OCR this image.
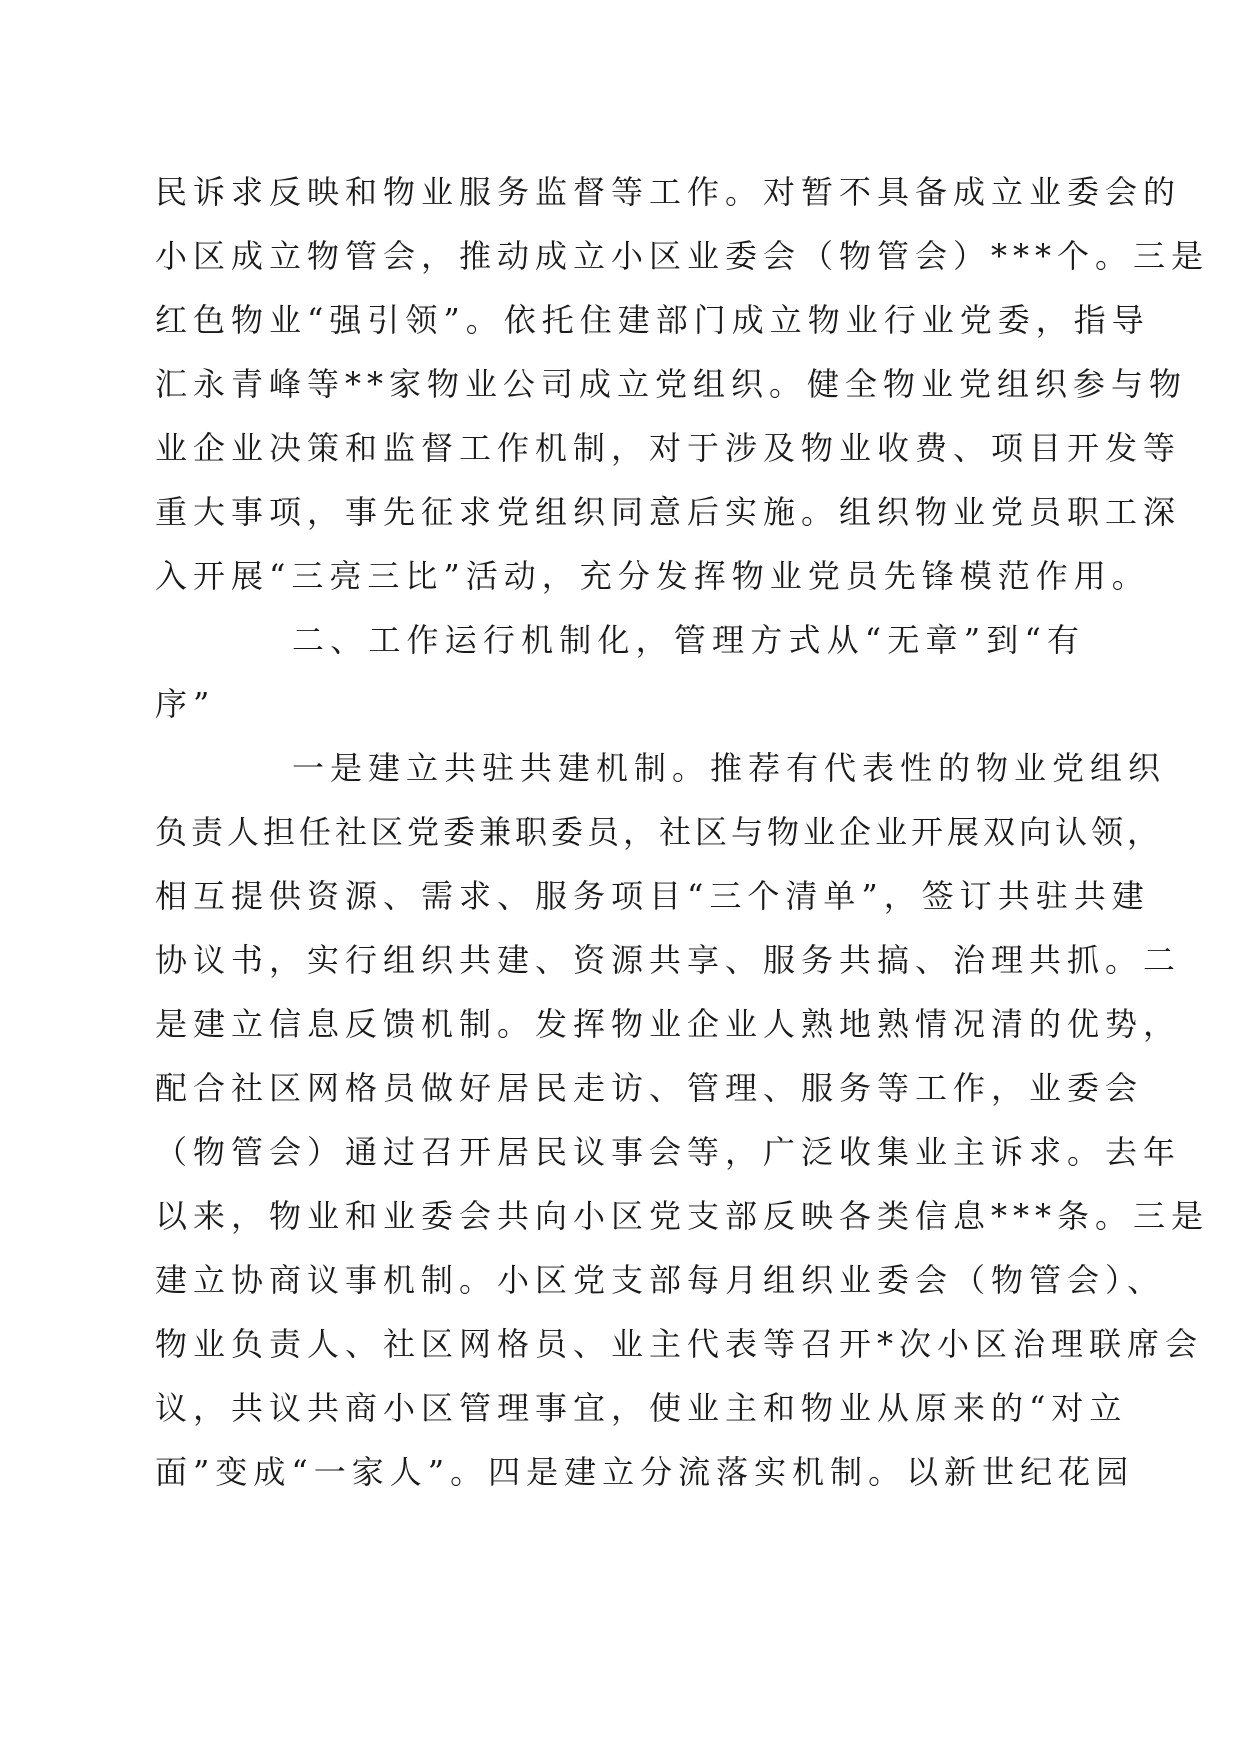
民诉求反映和物业服务监督等工作。对暂不具备成立业委会的
小区成立物管会，推动成立小区业委会（物管会）***个。三是
红色物业“强引领”。依托住建部门成立物业行业党委，指导
汇永青峰等**家物业公司成立党组织。健全物业党组织参与物
业企业决策和监督工作机制，对于涉及物业收费、项目开发等
重大事项，事先征求党组织同意后实施。组织物业党员职工深
入开展“三亮三比”活动，充分发挥物业党员先锋模范作用。
二、工作运行机制化，管理方式从“无章”到“有
序”
一是建立共驻共建机制。推荐有代表性的物业党组织
负责人担任社区党委兼职委员，社区与物业企业开展双向认领，
相互提供资源、需求、服务项目“三个清单”，签订共驻共建
协议书，实行组织共建、资源共享、服务共搞、治理共抓。二
是建立信息反馈机制。发挥物业企业人熟地熟情况清的优势，
配合社区网格员做好居民走访、管理、服务等工作，业委会
（物管会）通过召开居民议事会等，广泛收集业主诉求。去年
以来，物业和业委会共向小区党支部反映各类信息***条。三是
建立协商议事机制。小区党支部每月组织业委会（物管会）、
物业负责人、社区网格员、业主代表等召开*次小区治理联席会
议，共议共商小区管理事宜，使业主和物业从原来的“对立
面”变成“一家人”。四是建立分流落实机制。以新世纪花园
